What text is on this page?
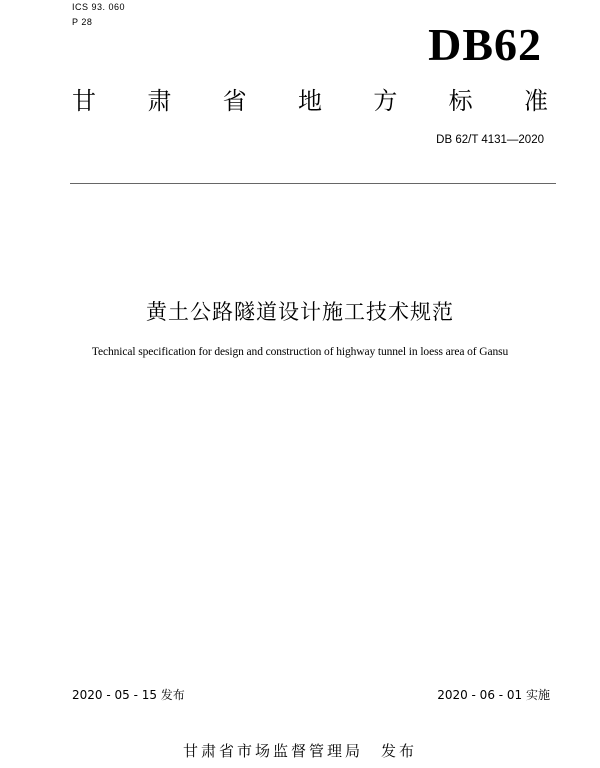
ICS 93. 060
P 28	DB62
甘 肃 省 地 方 标 准
DB 62/T 4131—2020
黄土公路隧道设计施工技术规范
Technical specification for design and construction of highway tunnel in loess area of Gansu
2020 - 05 - 15 发布	2020 - 06 - 01 实施
甘肃省市场监督管理局 发布
